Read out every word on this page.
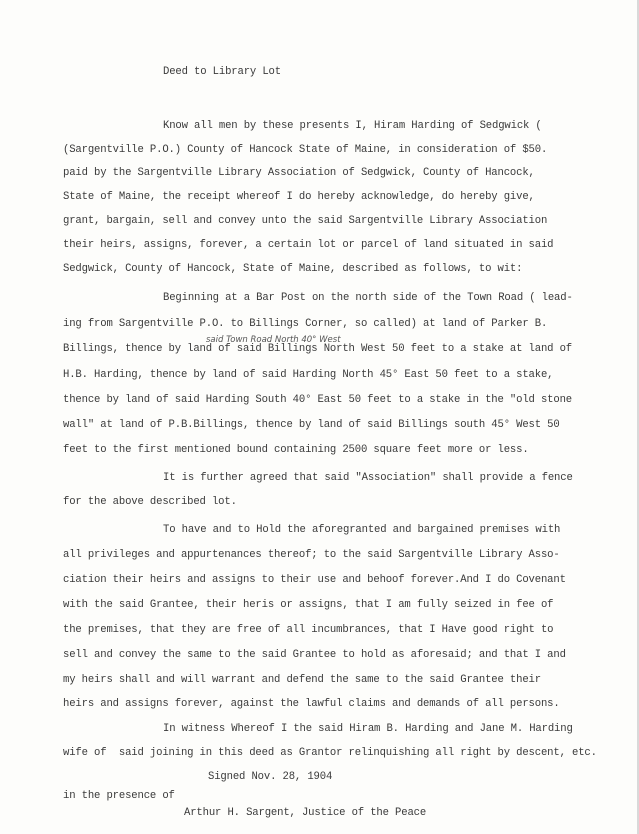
Deed to Library Lot
Know all men by these presents I, Hiram Harding of Sedgwick (
(Sargentville P.O.) County of Hancock State of Maine, in consideration of $50.
paid by the Sargentville Library Association of Sedgwick, County of Hancock,
State of Maine, the receipt whereof I do hereby acknowledge, do hereby give,
grant, bargain, sell and convey unto the said Sargentville Library Association
their heirs, assigns, forever, a certain lot or parcel of land situated in said
Sedgwick, County of Hancock, State of Maine, described as follows, to wit:
Beginning at a Bar Post on the north side of the Town Road ( lead-
ing from Sargentville P.O. to Billings Corner, so called) at land of Parker B.
said Town Road North 40° West
Billings, thence by land of said Billings North West 50 feet to a stake at land of
H.B. Harding, thence by land of said Harding North 45° East 50 feet to a stake,
thence by land of said Harding South 40° East 50 feet to a stake in the "old stone
wall" at land of P.B.Billings, thence by land of said Billings south 45° West 50
feet to the first mentioned bound containing 2500 square feet more or less.
It is further agreed that said "Association" shall provide a fence
for the above described lot.
To have and to Hold the aforegranted and bargained premises with
all privileges and appurtenances thereof; to the said Sargentville Library Asso-
ciation their heirs and assigns to their use and behoof forever.And I do Covenant
with the said Grantee, their heris or assigns, that I am fully seized in fee of
the premises, that they are free of all incumbrances, that I Have good right to
sell and convey the same to the said Grantee to hold as aforesaid; and that I and
my heirs shall and will warrant and defend the same to the said Grantee their
heirs and assigns forever, against the lawful claims and demands of all persons.
In witness Whereof I the said Hiram B. Harding and Jane M. Harding
wife of  said joining in this deed as Grantor relinquishing all right by descent, etc.
Signed Nov. 28, 1904
in the presence of
Arthur H. Sargent, Justice of the Peace
